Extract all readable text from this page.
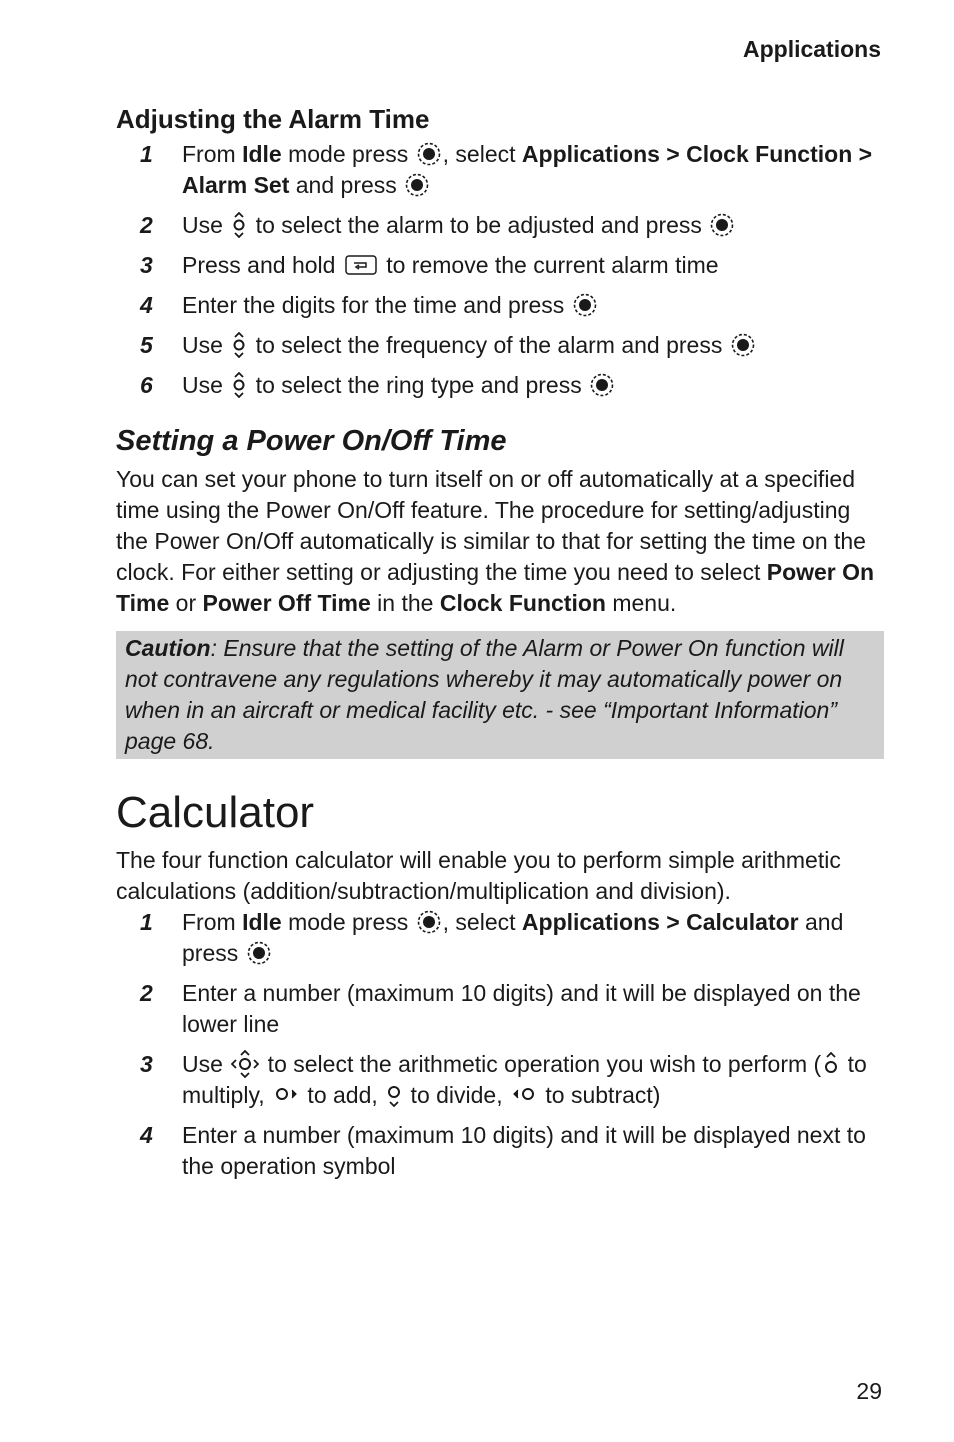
Applications
Adjusting the Alarm Time
1 From Idle mode press , select Applications > Clock Function > Alarm Set and press
2 Use  to select the alarm to be adjusted and press
3 Press and hold  to remove the current alarm time
4 Enter the digits for the time and press
5 Use  to select the frequency of the alarm and press
6 Use  to select the ring type and press
Setting a Power On/Off Time

You can set your phone to turn itself on or off automatically at a specified time using the Power On/Off feature. The procedure for setting/adjusting the Power On/Off automatically is similar to that for setting the time on the clock. For either setting or adjusting the time you need to select Power On Time or Power Off Time in the Clock Function menu.

Caution: Ensure that the setting of the Alarm or Power On function will not contravene any regulations whereby it may automatically power on when in an aircraft or medical facility etc. - see “Important Information” page 68.
Calculator

The four function calculator will enable you to perform simple arithmetic calculations (addition/subtraction/multiplication and division).

1 From Idle mode press , select Applications > Calculator and press
2 Enter a number (maximum 10 digits) and it will be displayed on the lower line
3 Use  to select the arithmetic operation you wish to perform ( to multiply,  to add,  to divide,  to subtract)
4 Enter a number (maximum 10 digits) and it will be displayed next to the operation symbol

29
